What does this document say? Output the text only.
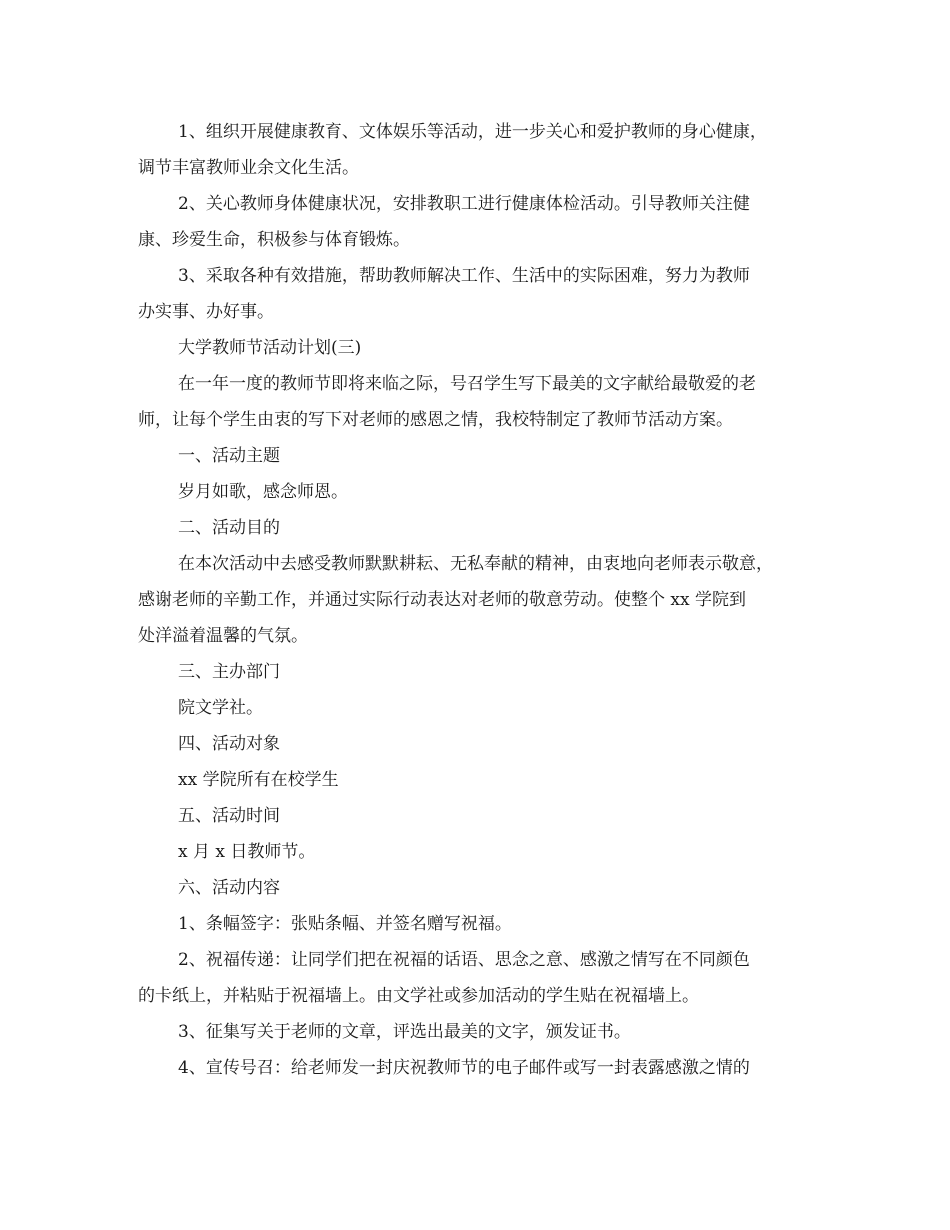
1、组织开展健康教育、文体娱乐等活动，进一步关心和爱护教师的身心健康，

调节丰富教师业余文化生活。

2、关心教师身体健康状况，安排教职工进行健康体检活动。引导教师关注健

康、珍爱生命，积极参与体育锻炼。

3、采取各种有效措施，帮助教师解决工作、生活中的实际困难，努力为教师

办实事、办好事。

大学教师节活动计划(三)

在一年一度的教师节即将来临之际，号召学生写下最美的文字献给最敬爱的老

师，让每个学生由衷的写下对老师的感恩之情，我校特制定了教师节活动方案。

一、活动主题

岁月如歌，感念师恩。

二、活动目的

在本次活动中去感受教师默默耕耘、无私奉献的精神，由衷地向老师表示敬意，

感谢老师的辛勤工作，并通过实际行动表达对老师的敬意劳动。使整个 xx 学院到

处洋溢着温馨的气氛。

三、主办部门

院文学社。

四、活动对象

xx 学院所有在校学生

五、活动时间

x 月 x 日教师节。

六、活动内容

1、条幅签字：张贴条幅、并签名赠写祝福。

2、祝福传递：让同学们把在祝福的话语、思念之意、感激之情写在不同颜色

的卡纸上，并粘贴于祝福墙上。由文学社或参加活动的学生贴在祝福墙上。

3、征集写关于老师的文章，评选出最美的文字，颁发证书。

4、宣传号召：给老师发一封庆祝教师节的电子邮件或写一封表露感激之情的
